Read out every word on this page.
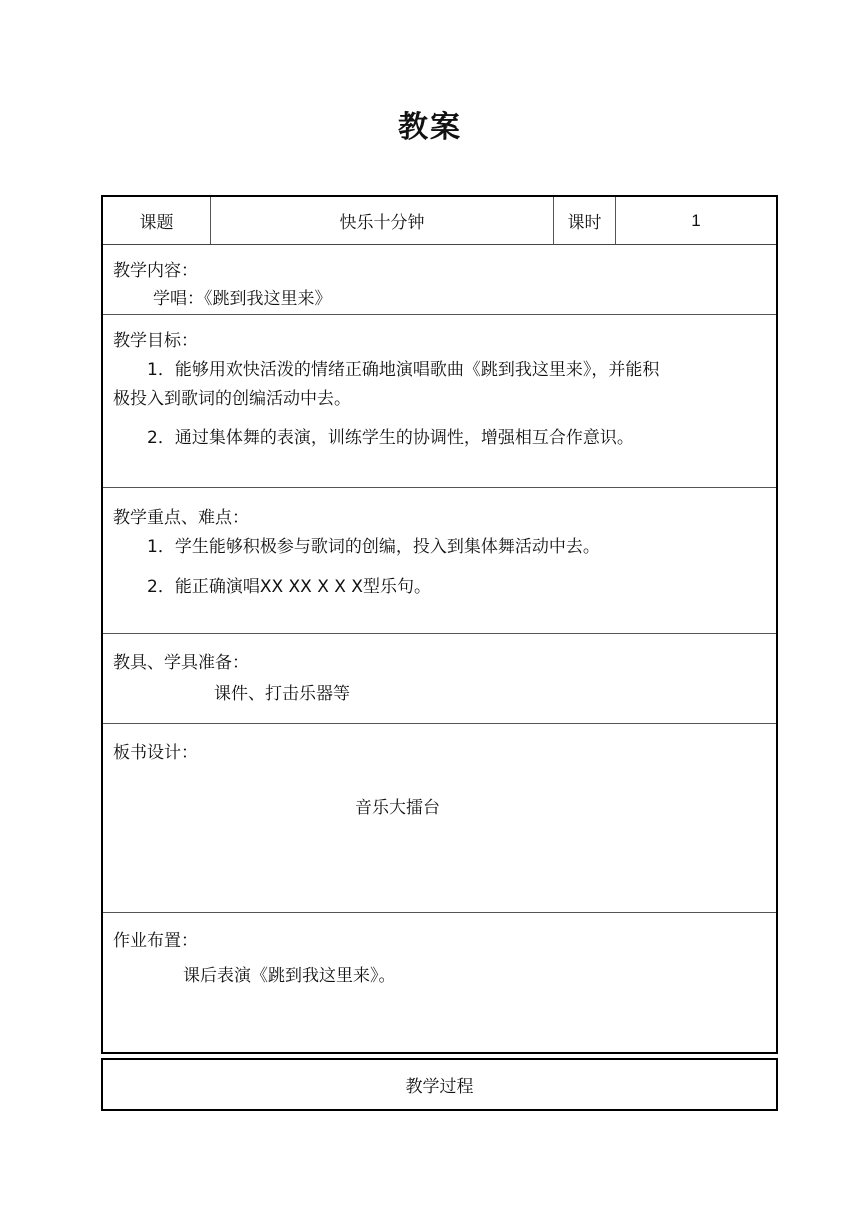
教案
课题	快乐十分钟	课时	1
教学内容：
学唱：《跳到我这里来》
教学目标：
1．能够用欢快活泼的情绪正确地演唱歌曲《跳到我这里来》，并能积
极投入到歌词的创编活动中去。
2．通过集体舞的表演，训练学生的协调性，增强相互合作意识。
教学重点、难点：
1．学生能够积极参与歌词的创编，投入到集体舞活动中去。
2．能正确演唱XX XX X X X型乐句。
教具、学具准备：
课件、打击乐器等
板书设计：
音乐大擂台
作业布置：
课后表演《跳到我这里来》。
教学过程
